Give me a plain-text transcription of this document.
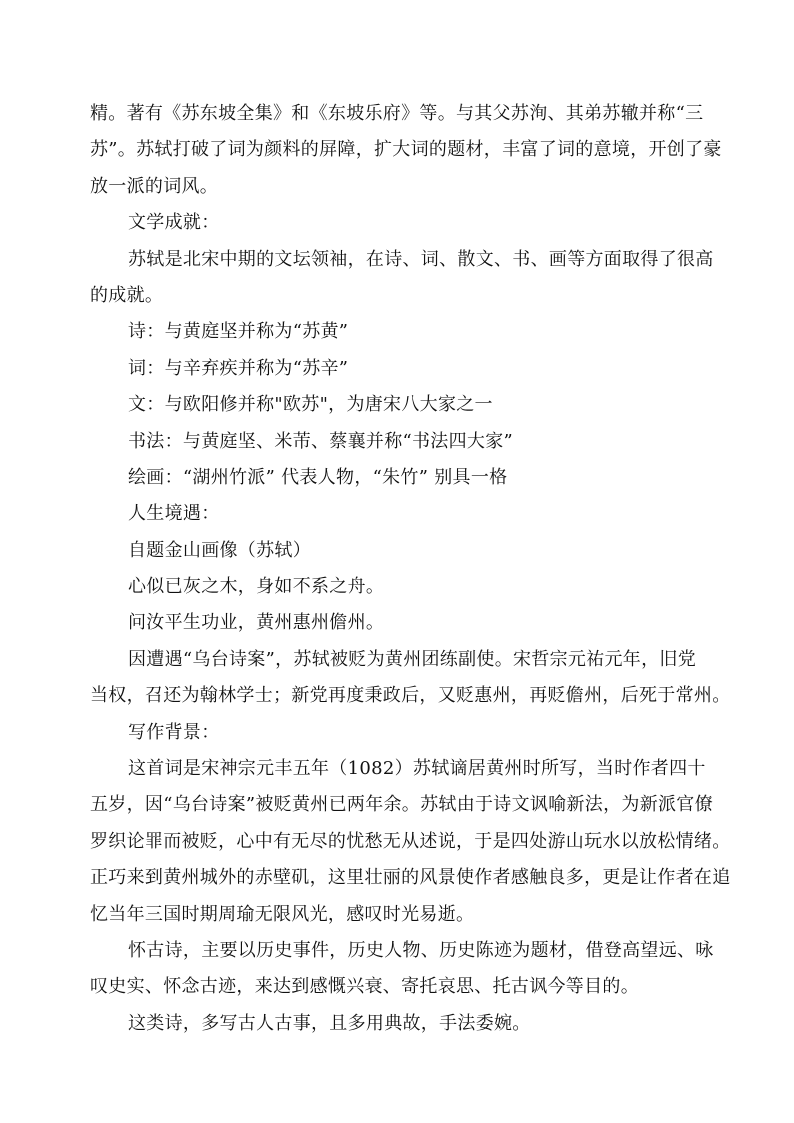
精。著有《苏东坡全集》和《东坡乐府》等。与其父苏洵、其弟苏辙并称“三
苏”。苏轼打破了词为颜料的屏障，扩大词的题材，丰富了词的意境，开创了豪
放一派的词风。
文学成就：
苏轼是北宋中期的文坛领袖，在诗、词、散文、书、画等方面取得了很高
的成就。
诗：与黄庭坚并称为“苏黄”
词：与辛弃疾并称为“苏辛”
文：与欧阳修并称"欧苏"，为唐宋八大家之一
书法：与黄庭坚、米芾、蔡襄并称“书法四大家”
绘画：“湖州竹派” 代表人物，“朱竹” 别具一格
人生境遇：
自题金山画像（苏轼）
心似已灰之木，身如不系之舟。
问汝平生功业，黄州惠州儋州。
因遭遇“乌台诗案”，苏轼被贬为黄州团练副使。宋哲宗元祐元年，旧党
当权，召还为翰林学士；新党再度秉政后，又贬惠州，再贬儋州，后死于常州。
写作背景：
这首词是宋神宗元丰五年（1082）苏轼谪居黄州时所写，当时作者四十
五岁，因“乌台诗案”被贬黄州已两年余。苏轼由于诗文讽喻新法，为新派官僚
罗织论罪而被贬，心中有无尽的忧愁无从述说，于是四处游山玩水以放松情绪。
正巧来到黄州城外的赤壁矶，这里壮丽的风景使作者感触良多，更是让作者在追
忆当年三国时期周瑜无限风光，感叹时光易逝。
怀古诗，主要以历史事件，历史人物、历史陈迹为题材，借登高望远、咏
叹史实、怀念古迹，来达到感慨兴衰、寄托哀思、托古讽今等目的。
这类诗，多写古人古事，且多用典故，手法委婉。
